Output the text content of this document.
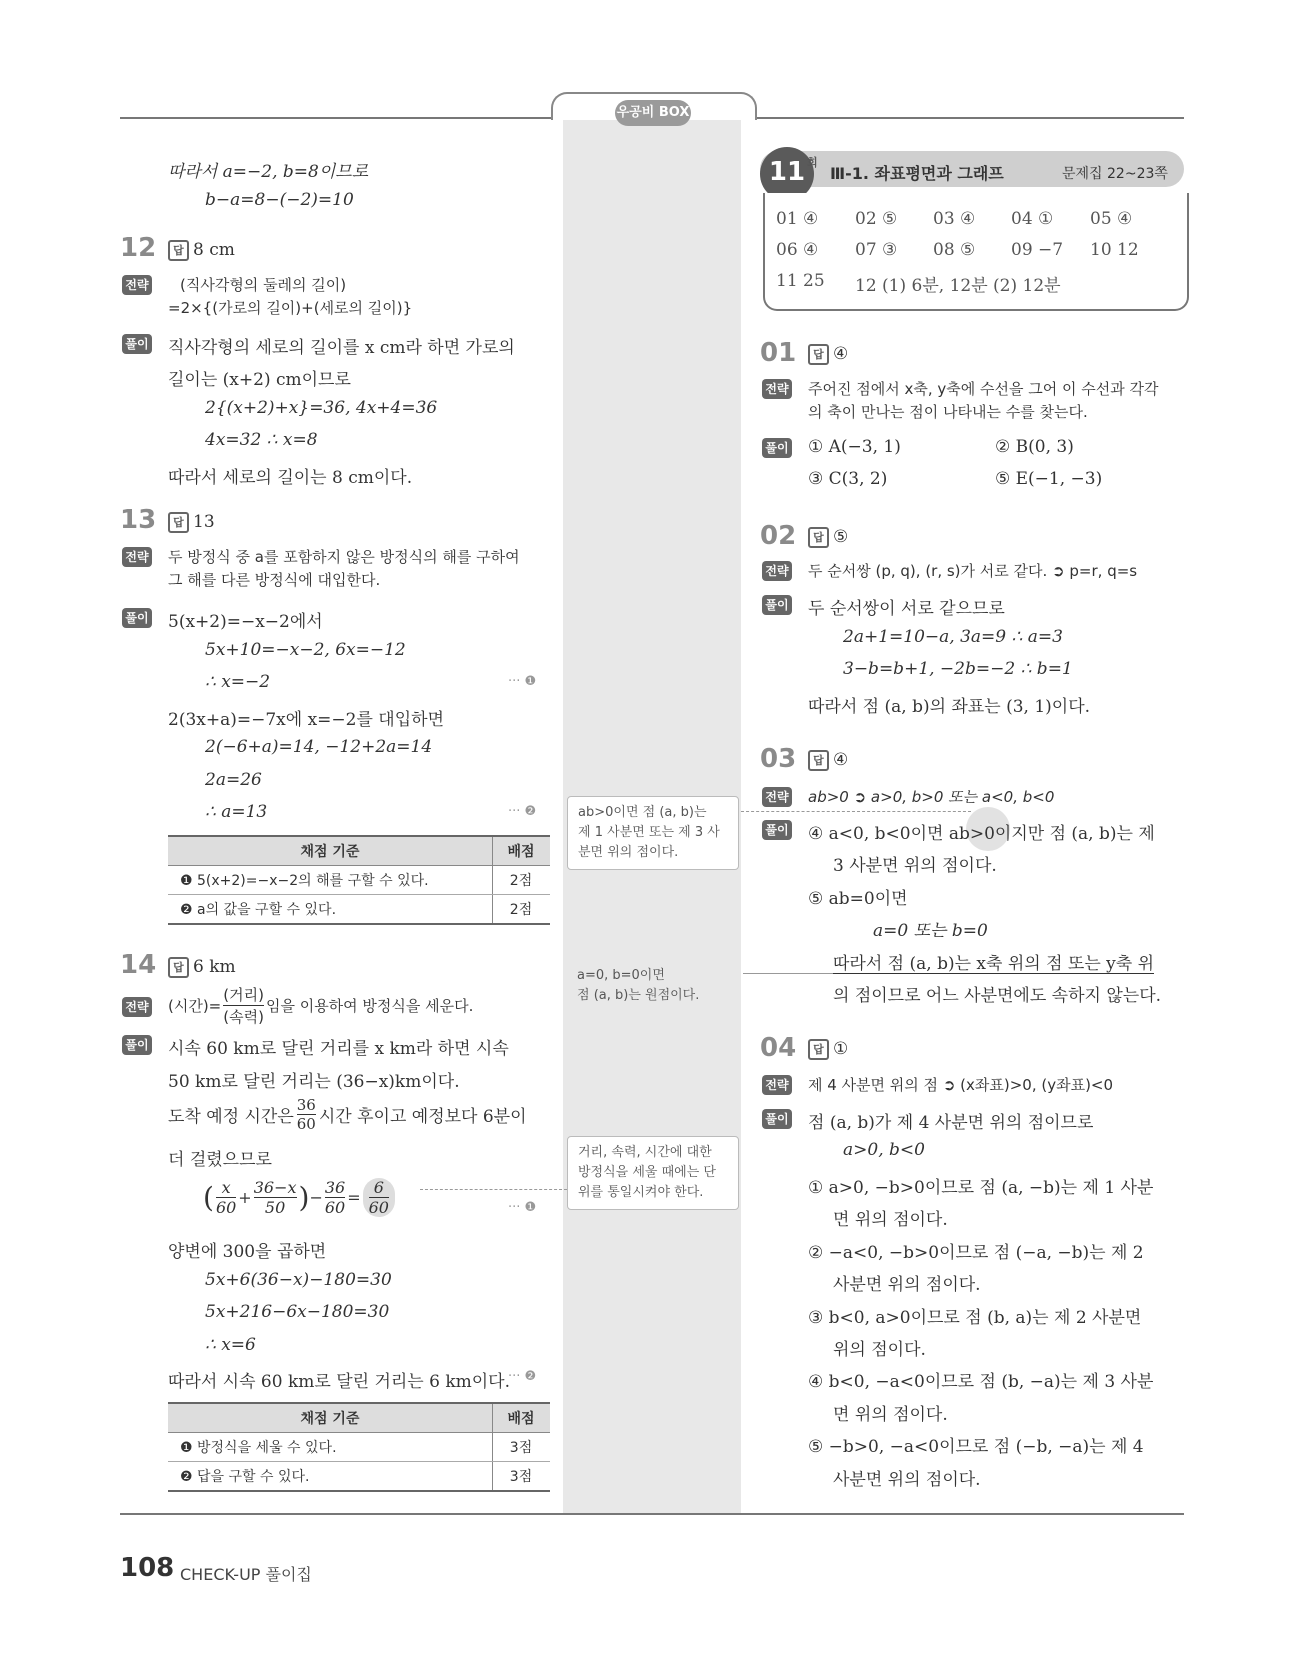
우공비 BOX
따라서 a=−2, b=8이므로
b−a=8−(−2)=10
12	답 8 cm
전략 (직사각형의 둘레의 길이)
=2×{(가로의 길이)+(세로의 길이)}
풀이 직사각형의 세로의 길이를 x cm라 하면 가로의
길이는 (x+2) cm이므로
2{(x+2)+x}=36, 4x+4=36
4x=32 ∴ x=8
따라서 세로의 길이는 8 cm이다.
13	답 13
전략 두 방정식 중 a를 포함하지 않은 방정식의 해를 구하여
그 해를 다른 방정식에 대입한다.
풀이 5(x+2)=−x−2에서
5x+10=−x−2, 6x=−12
∴ x=−2	··· ❶
2(3x+a)=−7x에 x=−2를 대입하면
2(−6+a)=14, −12+2a=14
2a=26
∴ a=13	··· ❷
채점 기준	배점
❶ 5(x+2)=−x−2의 해를 구할 수 있다.	2점
❷ a의 값을 구할 수 있다.	2점
14	답 6 km
전략 (시간)=
(거리)
(속력)
임을 이용하여 방정식을 세운다.
풀이 시속 60 km로 달린 거리를 x km라 하면 시속
50 km로 달린 거리는 (36−x)km이다.
도착 예정 시간은 $\frac{36}{60}$ 시간 후이고 예정보다 6분이
더 걸렸으므로
( $\frac{x}{60} + \frac{36-x}{50}$ ) − $\frac{36}{60} = \frac{6}{60}$	··· ❶
양변에 300을 곱하면
5x+6(36−x)−180=30
5x+216−6x−180=30
∴ x=6
따라서 시속 60 km로 달린 거리는 6 km이다.
··· ❷
채점 기준	배점
❶ 방정식을 세울 수 있다.	3점
❷ 답을 구할 수 있다.	3점
ab>0이면 점 (a, b)는
제 1 사분면 또는 제 3 사
분면 위의 점이다.
a=0, b=0이면
점 (a, b)는 원점이다.
거리, 속력, 시간에 대한
방정식을 세울 때에는 단
위를 통일시켜야 한다.
11 회
Ⅲ-1. 좌표평면과 그래프	문제집 22~23쪽
01 ④ 02 ⑤ 03 ④ 04 ① 05 ④
06 ④ 07 ③ 08 ⑤ 09 −7 10 12
11 25 12 (1) 6분, 12분 (2) 12분
01	답 ④
전략 주어진 점에서 x축, y축에 수선을 그어 이 수선과 각각
의 축이 만나는 점이 나타내는 수를 찾는다.
풀이 ① A(−3, 1)	② B(0, 3)
③ C(3, 2)	⑤ E(−1, −3)
02	답 ⑤
전략 두 순서쌍 (p, q), (r, s)가 서로 같다. ➲ p=r, q=s
풀이 두 순서쌍이 서로 같으므로
2a+1=10−a, 3a=9 ∴ a=3
3−b=b+1, −2b=−2 ∴ b=1
따라서 점 (a, b)의 좌표는 (3, 1)이다.
03	답 ④
전략 ab>0 ➲ a>0, b>0 또는 a<0, b<0
풀이 ④ a<0, b<0이면 ab>0이지만 점 (a, b)는 제
3 사분면 위의 점이다.
⑤ ab=0이면
a=0 또는 b=0
따라서 점 (a, b)는 x축 위의 점 또는 y축 위
의 점이므로 어느 사분면에도 속하지 않는다.
04	답 ①
전략 제 4 사분면 위의 점 ➲ (x좌표)>0, (y좌표)<0
풀이 점 (a, b)가 제 4 사분면 위의 점이므로
a>0, b<0
① a>0, −b>0이므로 점 (a, −b)는 제 1 사분
면 위의 점이다.
② −a<0, −b>0이므로 점 (−a, −b)는 제 2
사분면 위의 점이다.
③ b<0, a>0이므로 점 (b, a)는 제 2 사분면
위의 점이다.
④ b<0, −a<0이므로 점 (b, −a)는 제 3 사분
면 위의 점이다.
⑤ −b>0, −a<0이므로 점 (−b, −a)는 제 4
사분면 위의 점이다.
108 CHECK-UP 풀이집
